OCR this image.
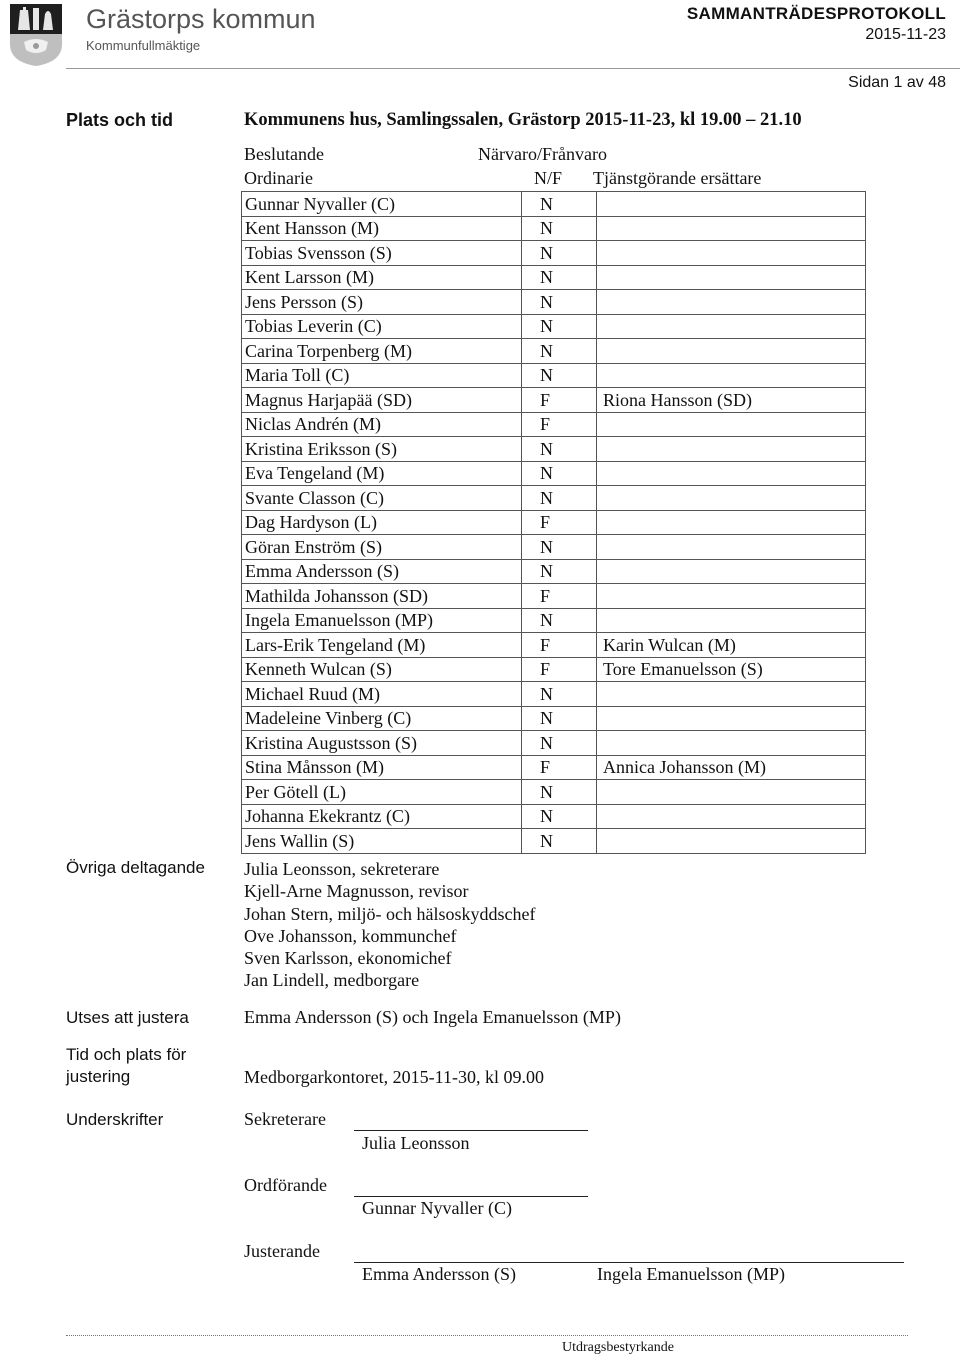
Grästorps kommun
Kommunfullmäktige
SAMMANTRÄDESPROTOKOLL
2015-11-23
Sidan 1 av 48
Plats och tid	Kommunens hus, Samlingssalen, Grästorp 2015-11-23, kl 19.00 – 21.10
Beslutande	Närvaro/Frånvaro
Ordinarie	N/F Tjänstgörande ersättare
Gunnar Nyvaller (C)	N	
Kent Hansson (M)	N	
Tobias Svensson (S)	N	
Kent Larsson (M)	N	
Jens Persson (S)	N	
Tobias Leverin (C)	N	
Carina Torpenberg (M)	N	
Maria Toll (C)	N	
Magnus Harjapää (SD)	F	Riona Hansson (SD)
Niclas Andrén (M)	F	
Kristina Eriksson (S)	N	
Eva Tengeland (M)	N	
Svante Classon (C)	N	
Dag Hardyson (L)	F	
Göran Enström (S)	N	
Emma Andersson (S)	N	
Mathilda Johansson (SD)	F	
Ingela Emanuelsson (MP)	N	
Lars-Erik Tengeland (M)	F	Karin Wulcan (M)
Kenneth Wulcan (S)	F	Tore Emanuelsson (S)
Michael Ruud (M)	N	
Madeleine Vinberg (C)	N	
Kristina Augustsson (S)	N	
Stina Månsson (M)	F	Annica Johansson (M)
Per Götell (L)	N	
Johanna Ekekrantz (C)	N	
Jens Wallin (S)	N	
Övriga deltagande Julia Leonsson, sekreterare
Kjell-Arne Magnusson, revisor
Johan Stern, miljö- och hälsoskyddschef
Ove Johansson, kommunchef
Sven Karlsson, ekonomichef
Jan Lindell, medborgare
Utses att justera	Emma Andersson (S) och Ingela Emanuelsson (MP)
Tid och plats för
justering	Medborgarkontoret, 2015-11-30, kl 09.00
Underskrifter	Sekreterare
Julia Leonsson
Ordförande
Gunnar Nyvaller (C)
Justerande
Emma Andersson (S)	Ingela Emanuelsson (MP)
Utdragsbestyrkande
